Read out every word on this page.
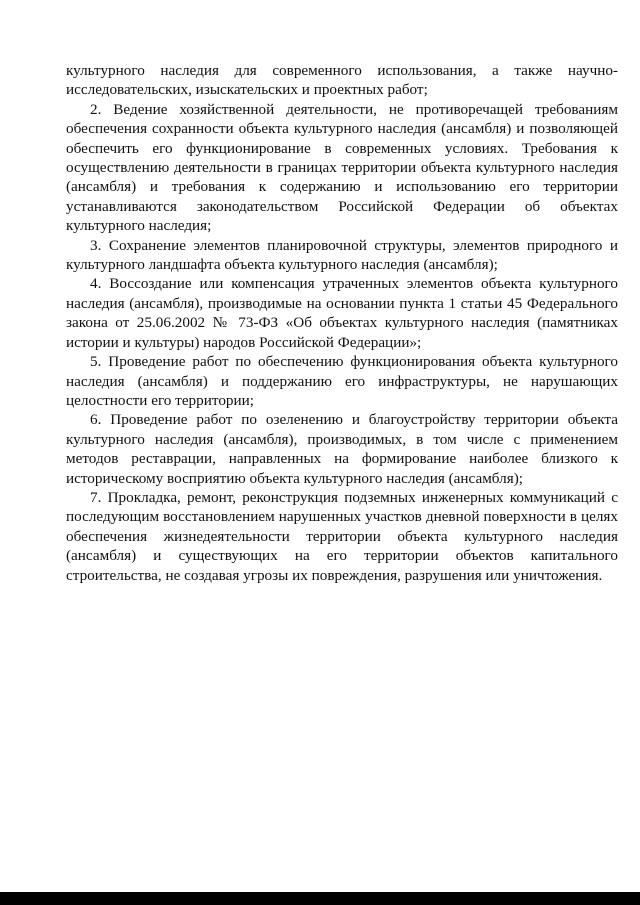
культурного наследия для современного использования, а также научно-исследовательских, изыскательских и проектных работ;

2. Ведение хозяйственной деятельности, не противоречащей требованиям обеспечения сохранности объекта культурного наследия (ансамбля) и позволяющей обеспечить его функционирование в современных условиях. Требования к осуществлению деятельности в границах территории объекта культурного наследия (ансамбля) и требования к содержанию и использованию его территории устанавливаются законодательством Российской Федерации об объектах культурного наследия;

3. Сохранение элементов планировочной структуры, элементов природного и культурного ландшафта объекта культурного наследия (ансамбля);

4. Воссоздание или компенсация утраченных элементов объекта культурного наследия (ансамбля), производимые на основании пункта 1 статьи 45 Федерального закона от 25.06.2002 № 73-ФЗ «Об объектах культурного наследия (памятниках истории и культуры) народов Российской Федерации»;

5. Проведение работ по обеспечению функционирования объекта культурного наследия (ансамбля) и поддержанию его инфраструктуры, не нарушающих целостности его территории;

6. Проведение работ по озеленению и благоустройству территории объекта культурного наследия (ансамбля), производимых, в том числе с применением методов реставрации, направленных на формирование наиболее близкого к историческому восприятию объекта культурного наследия (ансамбля);

7. Прокладка, ремонт, реконструкция подземных инженерных коммуникаций с последующим восстановлением нарушенных участков дневной поверхности в целях обеспечения жизнедеятельности территории объекта культурного наследия (ансамбля) и существующих на его территории объектов капитального строительства, не создавая угрозы их повреждения, разрушения или уничтожения.
